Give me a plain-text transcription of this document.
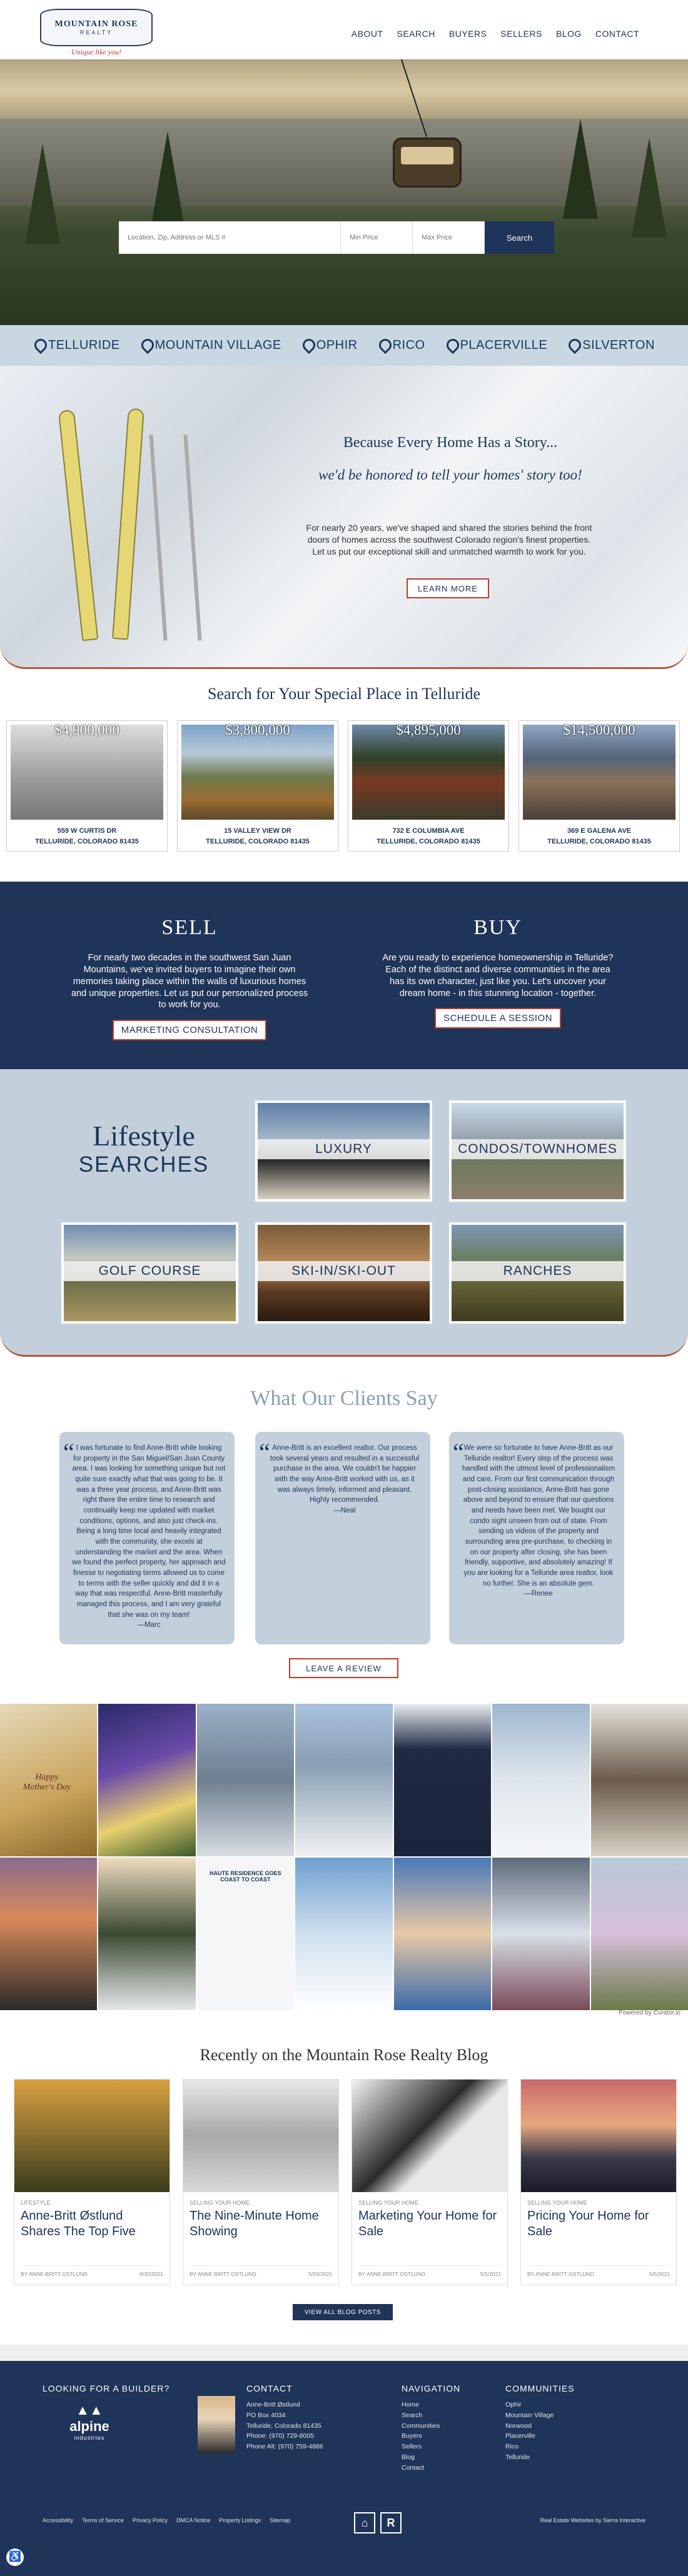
MOUNTAIN ROSE
REALTY
Unique like you!
ABOUT SEARCH BUYERS SELLERS BLOG CONTACT
Location, Zip, Address or MLS #
Min Price
Max Price
Search
TELLURIDE	MOUNTAIN VILLAGE	OPHIR	RICO	PLACERVILLE	SILVERTON
Because Every Home Has a Story...
we'd be honored to tell your homes' story too!

For nearly 20 years, we've shaped and shared the stories behind the front doors of homes across the southwest Colorado region's finest properties. Let us put our exceptional skill and unmatched warmth to work for you.

LEARN MORE
Search for Your Special Place in Telluride
$4,900,000
559 W CURTIS DR
TELLURIDE, COLORADO 81435
$3,800,000
15 VALLEY VIEW DR
TELLURIDE, COLORADO 81435
$4,895,000
732 E COLUMBIA AVE
TELLURIDE, COLORADO 81435
$14,500,000
369 E GALENA AVE
TELLURIDE, COLORADO 81435
SELL

For nearly two decades in the southwest San Juan Mountains, we've invited buyers to imagine their own memories taking place within the walls of luxurious homes and unique properties. Let us put our personalized process to work for you.

MARKETING CONSULTATION
BUY

Are you ready to experience homeownership in Telluride? Each of the distinct and diverse communities in the area has its own character, just like you. Let's uncover your dream home - in this stunning location - together.

SCHEDULE A SESSION
Lifestyle
SEARCHES
LUXURY	CONDOS/TOWNHOMES
GOLF COURSE	SKI-IN/SKI-OUT	RANCHES
What Our Clients Say
“ I was fortunate to find Anne-Britt while looking for property in the San Miguel/San Juan County area. I was looking for something unique but not quite sure exactly what that was going to be. It was a three year process, and Anne-Britt was right there the entire time to research and continually keep me updated with market conditions, options, and also just check-ins. Being a long time local and heavily integrated with the community, she excels at understanding the market and the area. When we found the perfect property, her approach and finesse to negotiating terms allowed us to come to terms with the seller quickly and did it in a way that was respectful. Anne-Britt masterfully managed this process, and I am very grateful that she was on my team!
—Marc
“ Anne-Britt is an excellent realtor. Our process took several years and resulted in a successful purchase in the area. We couldn't be happier with the way Anne-Britt worked with us, as it was always timely, informed and pleasant. Highly recommended.
—Neal
“ We were so fortunate to have Anne-Britt as our Telluride realtor! Every step of the process was handled with the utmost level of professionalism and care. From our first communication through post-closing assistance, Anne-Britt has gone above and beyond to ensure that our questions and needs have been met. We bought our condo sight unseen from out of state. From sending us videos of the property and surrounding area pre-purchase, to checking in on our property after closing, she has been friendly, supportive, and absolutely amazing! If you are looking for a Telluride area realtor, look no further. She is an absolute gem.
—Renee
LEAVE A REVIEW
Happy Mother's Day
HAUTE RESIDENCE GOES COAST TO COAST
Powered by Curator.io
Recently on the Mountain Rose Realty Blog
LIFESTYLE
Anne-Britt Østlund Shares The Top Five
BY ANNE-BRITT OSTLUND	6/30/2021
SELLING YOUR HOME
The Nine-Minute Home Showing
BY ANNE-BRITT OSTLUND	5/20/2021
SELLING YOUR HOME
Marketing Your Home for Sale
BY ANNE-BRITT OSTLUND	5/5/2021
SELLING YOUR HOME
Pricing Your Home for Sale
BY ANNE-BRITT OSTLUND	5/5/2021
VIEW ALL BLOG POSTS
LOOKING FOR A BUILDER?
▲▲
alpine
industries
CONTACT
Anne-Britt Østlund
PO Box 4034
Telluride, Colorado 81435
Phone: (970) 729-8005
Phone Alt: (970) 759-4886
NAVIGATION
Home
Search
Communities
Buyers
Sellers
Blog
Contact
COMMUNITIES
Ophir
Mountain Village
Norwood
Placerville
Rico
Telluride
Accessibility Terms of Service Privacy Policy DMCA Notice Property Listings Sitemap	⌂	R	Real Estate Websites by Sierra Interactive
♿
